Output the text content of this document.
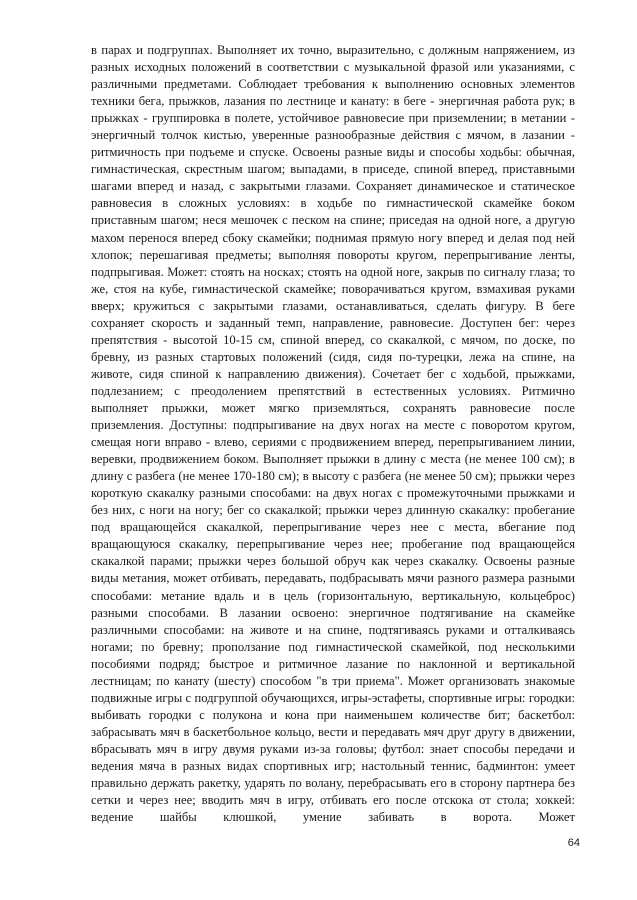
в парах и подгруппах. Выполняет их точно, выразительно, с должным напряжением, из разных исходных положений в соответствии с музыкальной фразой или указаниями, с различными предметами. Соблюдает требования к выполнению основных элементов техники бега, прыжков, лазания по лестнице и канату: в беге - энергичная работа рук; в прыжках - группировка в полете, устойчивое равновесие при приземлении; в метании - энергичный толчок кистью, уверенные разнообразные действия с мячом, в лазании - ритмичность при подъеме и спуске. Освоены разные виды и способы ходьбы: обычная, гимнастическая, скрестным шагом; выпадами, в приседе, спиной вперед, приставными шагами вперед и назад, с закрытыми глазами. Сохраняет динамическое и статическое равновесия в сложных условиях: в ходьбе по гимнастической скамейке боком приставным шагом; неся мешочек с песком на спине; приседая на одной ноге, а другую махом перенося вперед сбоку скамейки; поднимая прямую ногу вперед и делая под ней хлопок; перешагивая предметы; выполняя повороты кругом, перепрыгивание ленты, подпрыгивая. Может: стоять на носках; стоять на одной ноге, закрыв по сигналу глаза; то же, стоя на кубе, гимнастической скамейке; поворачиваться кругом, взмахивая руками вверх; кружиться с закрытыми глазами, останавливаться, сделать фигуру. В беге сохраняет скорость и заданный темп, направление, равновесие. Доступен бег: через препятствия - высотой 10-15 см, спиной вперед, со скакалкой, с мячом, по доске, по бревну, из разных стартовых положений (сидя, сидя по-турецки, лежа на спине, на животе, сидя спиной к направлению движения). Сочетает бег с ходьбой, прыжками, подлезанием; с преодолением препятствий в естественных условиях. Ритмично выполняет прыжки, может мягко приземляться, сохранять равновесие после приземления. Доступны: подпрыгивание на двух ногах на месте с поворотом кругом, смещая ноги вправо - влево, сериями с продвижением вперед, перепрыгиванием линии, веревки, продвижением боком. Выполняет прыжки в длину с места (не менее 100 см); в длину с разбега (не менее 170-180 см); в высоту с разбега (не менее 50 см); прыжки через короткую скакалку разными способами: на двух ногах с промежуточными прыжками и без них, с ноги на ногу; бег со скакалкой; прыжки через длинную скакалку: пробегание под вращающейся скакалкой, перепрыгивание через нее с места, вбегание под вращающуюся скакалку, перепрыгивание через нее; пробегание под вращающейся скакалкой парами; прыжки через большой обруч как через скакалку. Освоены разные виды метания, может отбивать, передавать, подбрасывать мячи разного размера разными способами: метание вдаль и в цель (горизонтальную, вертикальную, кольцеброс) разными способами. В лазании освоено: энергичное подтягивание на скамейке различными способами: на животе и на спине, подтягиваясь руками и отталкиваясь ногами; по бревну; проползание под гимнастической скамейкой, под несколькими пособиями подряд; быстрое и ритмичное лазание по наклонной и вертикальной лестницам; по канату (шесту) способом "в три приема". Может организовать знакомые подвижные игры с подгруппой обучающихся, игры-эстафеты, спортивные игры: городки: выбивать городки с полукона и кона при наименьшем количестве бит; баскетбол: забрасывать мяч в баскетбольное кольцо, вести и передавать мяч друг другу в движении, вбрасывать мяч в игру двумя руками из-за головы; футбол: знает способы передачи и ведения мяча в разных видах спортивных игр; настольный теннис, бадминтон: умеет правильно держать ракетку, ударять по волану, перебрасывать его в сторону партнера без сетки и через нее; вводить мяч в игру, отбивать его после отскока от стола; хоккей: ведение шайбы клюшкой, умение забивать в ворота. Может

64
